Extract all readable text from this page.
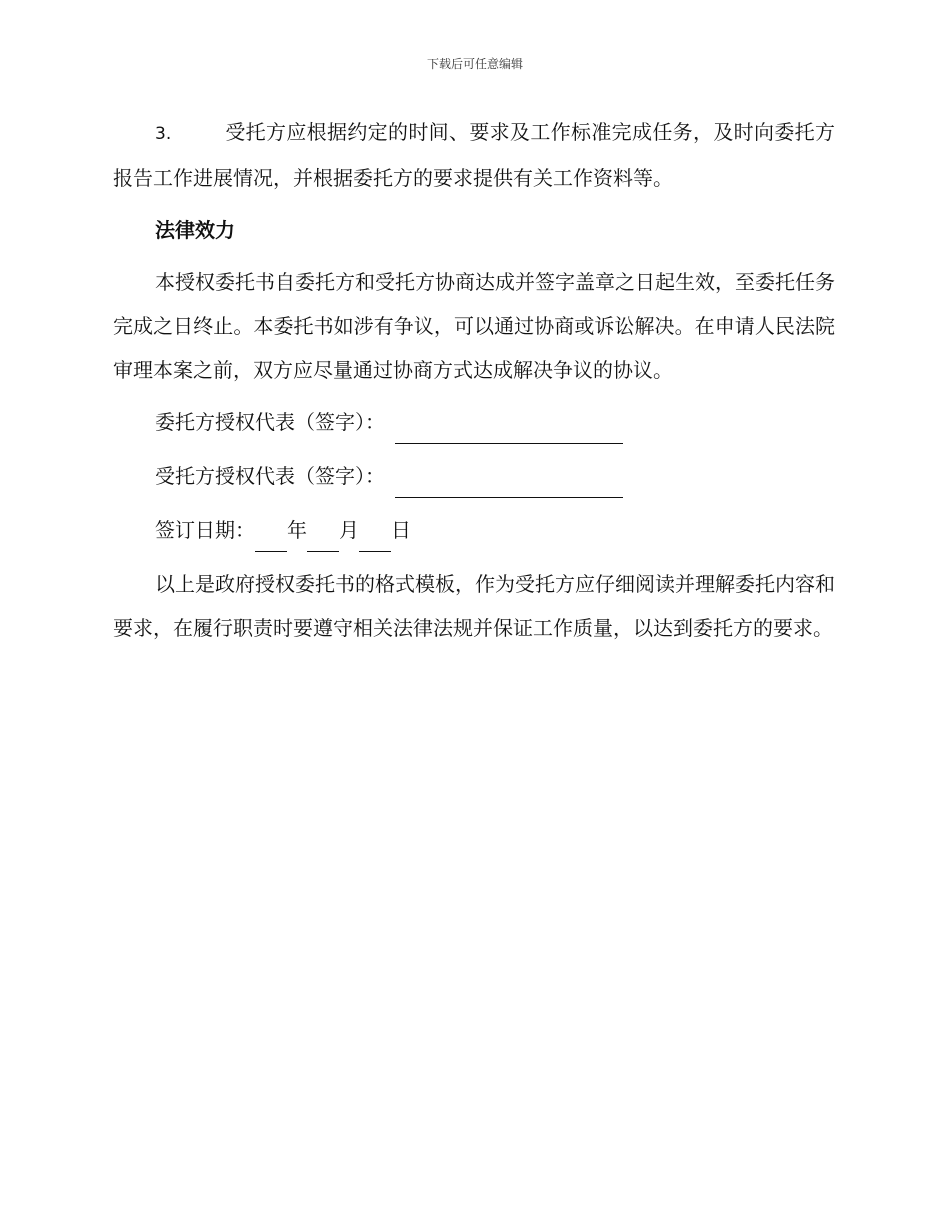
下载后可任意编辑

3.	受托方应根据约定的时间、要求及工作标准完成任务，及时向委托方报告工作进展情况，并根据委托方的要求提供有关工作资料等。

法律效力

本授权委托书自委托方和受托方协商达成并签字盖章之日起生效，至委托任务完成之日终止。本委托书如涉有争议，可以通过协商或诉讼解决。在申请人民法院审理本案之前，双方应尽量通过协商方式达成解决争议的协议。

委托方授权代表（签字）：
受托方授权代表（签字）：
签订日期： 年 月 日

以上是政府授权委托书的格式模板，作为受托方应仔细阅读并理解委托内容和要求，在履行职责时要遵守相关法律法规并保证工作质量，以达到委托方的要求。
